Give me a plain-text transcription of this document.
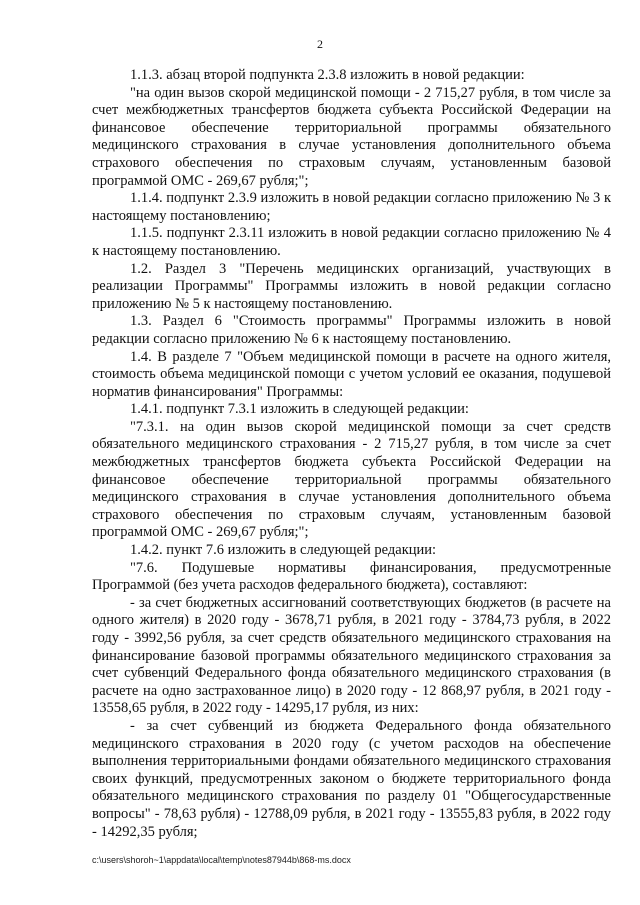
2

1.1.3. абзац второй подпункта 2.3.8 изложить в новой редакции:

"на один вызов скорой медицинской помощи - 2 715,27 рубля, в том числе за счет межбюджетных трансфертов бюджета субъекта Российской Федерации на финансовое обеспечение территориальной программы обязательного медицинского страхования в случае установления дополнительного объема страхового обеспечения по страховым случаям, установленным базовой программой ОМС - 269,67 рубля;";

1.1.4. подпункт 2.3.9 изложить в новой редакции согласно приложению № 3 к настоящему постановлению;

1.1.5. подпункт 2.3.11 изложить в новой редакции согласно приложению № 4 к настоящему постановлению.

1.2. Раздел 3 "Перечень медицинских организаций, участвующих в реализации Программы" Программы изложить в новой редакции согласно приложению № 5 к настоящему постановлению.

1.3. Раздел 6 "Стоимость программы" Программы изложить в новой редакции согласно приложению № 6 к настоящему постановлению.

1.4. В разделе 7 "Объем медицинской помощи в расчете на одного жителя, стоимость объема медицинской помощи с учетом условий ее оказания, подушевой норматив финансирования" Программы:

1.4.1. подпункт 7.3.1 изложить в следующей редакции:

"7.3.1. на один вызов скорой медицинской помощи за счет средств обязательного медицинского страхования - 2 715,27 рубля, в том числе за счет межбюджетных трансфертов бюджета субъекта Российской Федерации на финансовое обеспечение территориальной программы обязательного медицинского страхования в случае установления дополнительного объема страхового обеспечения по страховым случаям, установленным базовой программой ОМС - 269,67 рубля;";

1.4.2. пункт 7.6 изложить в следующей редакции:

"7.6. Подушевые нормативы финансирования, предусмотренные Программой (без учета расходов федерального бюджета), составляют:

- за счет бюджетных ассигнований соответствующих бюджетов (в расчете на одного жителя) в 2020 году - 3678,71 рубля, в 2021 году - 3784,73 рубля, в 2022 году - 3992,56 рубля, за счет средств обязательного медицинского страхования на финансирование базовой программы обязательного медицинского страхования за счет субвенций Федерального фонда обязательного медицинского страхования (в расчете на одно застрахованное лицо) в 2020 году - 12 868,97 рубля, в 2021 году - 13558,65 рубля, в 2022 году - 14295,17 рубля, из них:

- за счет субвенций из бюджета Федерального фонда обязательного медицинского страхования в 2020 году (с учетом расходов на обеспечение выполнения территориальными фондами обязательного медицинского страхования своих функций, предусмотренных законом о бюджете территориального фонда обязательного медицинского страхования по разделу 01 "Общегосударственные вопросы" - 78,63 рубля) - 12788,09 рубля, в 2021 году - 13555,83 рубля, в 2022 году - 14292,35 рубля;

c:\users\shoroh~1\appdata\local\temp\notes87944b\868-ms.docx
